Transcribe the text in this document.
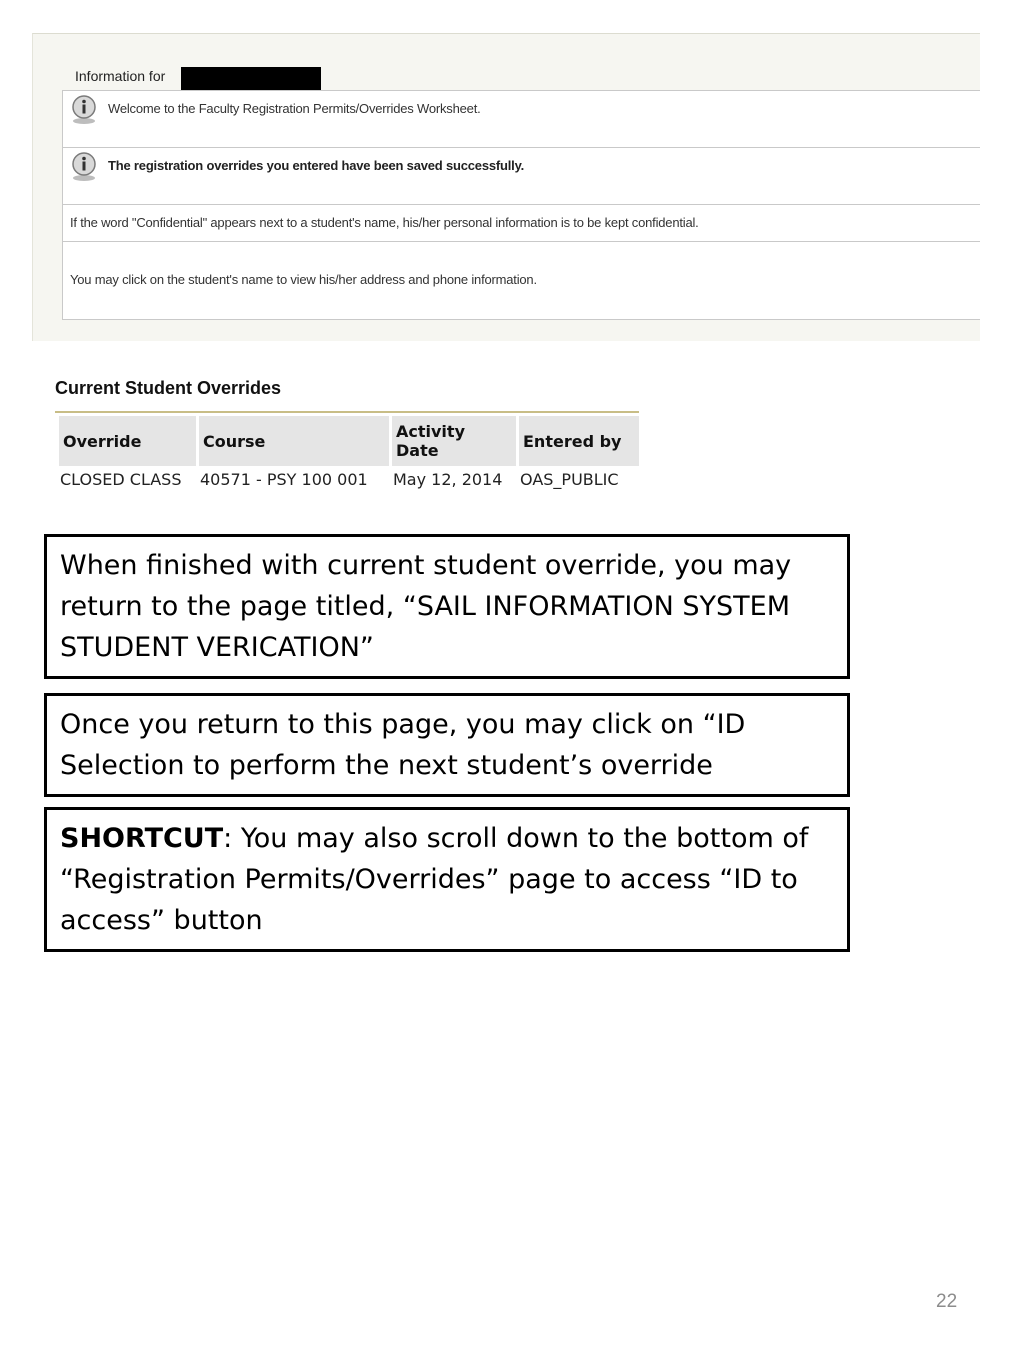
Information for
Welcome to the Faculty Registration Permits/Overrides Worksheet.
The registration overrides you entered have been saved successfully.
If the word "Confidential" appears next to a student's name, his/her personal information is to be kept confidential.
You may click on the student's name to view his/her address and phone information.
Current Student Overrides
Override	Course	Activity Date	Entered by
CLOSED CLASS	40571 - PSY 100 001	May 12, 2014	OAS_PUBLIC
When finished with current student override, you may return to the page titled, “SAIL INFORMATION SYSTEM STUDENT VERICATION”
Once you return to this page, you may click on “ID Selection to perform the next student’s override
SHORTCUT: You may also scroll down to the bottom of “Registration Permits/Overrides” page to access “ID to access” button
22
